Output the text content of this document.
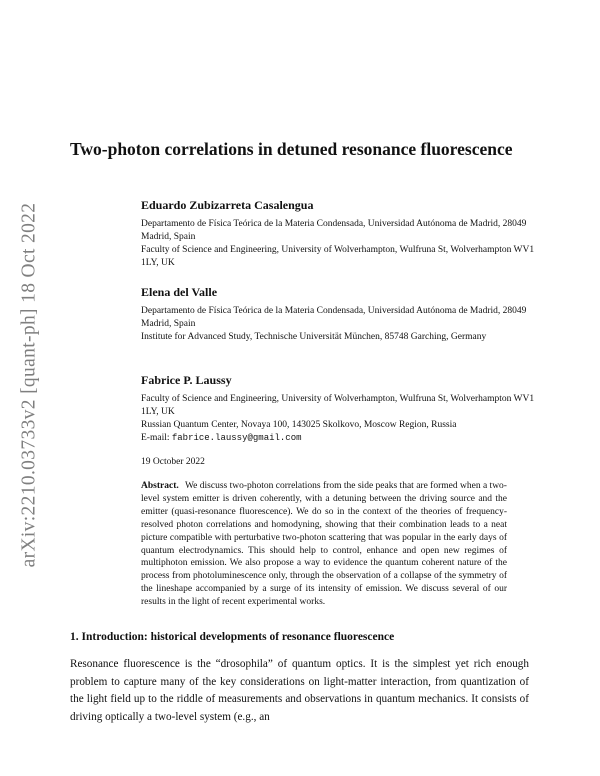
arXiv:2210.03733v2 [quant-ph] 18 Oct 2022
Two-photon correlations in detuned resonance fluorescence

Eduardo Zubizarreta Casalengua

Departamento de Física Teórica de la Materia Condensada, Universidad Autónoma de Madrid, 28049 Madrid, Spain

Faculty of Science and Engineering, University of Wolverhampton, Wulfruna St, Wolverhampton WV1 1LY, UK

Elena del Valle

Departamento de Física Teórica de la Materia Condensada, Universidad Autónoma de Madrid, 28049 Madrid, Spain

Institute for Advanced Study, Technische Universität München, 85748 Garching, Germany

Fabrice P. Laussy

Faculty of Science and Engineering, University of Wolverhampton, Wulfruna St, Wolverhampton WV1 1LY, UK

Russian Quantum Center, Novaya 100, 143025 Skolkovo, Moscow Region, Russia

E-mail: fabrice.laussy@gmail.com
19 October 2022

Abstract. We discuss two-photon correlations from the side peaks that are formed when a two-level system emitter is driven coherently, with a detuning between the driving source and the emitter (quasi-resonance fluorescence). We do so in the context of the theories of frequency-resolved photon correlations and homodyning, showing that their combination leads to a neat picture compatible with perturbative two-photon scattering that was popular in the early days of quantum electrodynamics. This should help to control, enhance and open new regimes of multiphoton emission. We also propose a way to evidence the quantum coherent nature of the process from photoluminescence only, through the observation of a collapse of the symmetry of the lineshape accompanied by a surge of its intensity of emission. We discuss several of our results in the light of recent experimental works.

1. Introduction: historical developments of resonance fluorescence

Resonance fluorescence is the “drosophila” of quantum optics. It is the simplest yet rich enough problem to capture many of the key considerations on light-matter interaction, from quantization of the light field up to the riddle of measurements and observations in quantum mechanics. It consists of driving optically a two-level system (e.g., an
